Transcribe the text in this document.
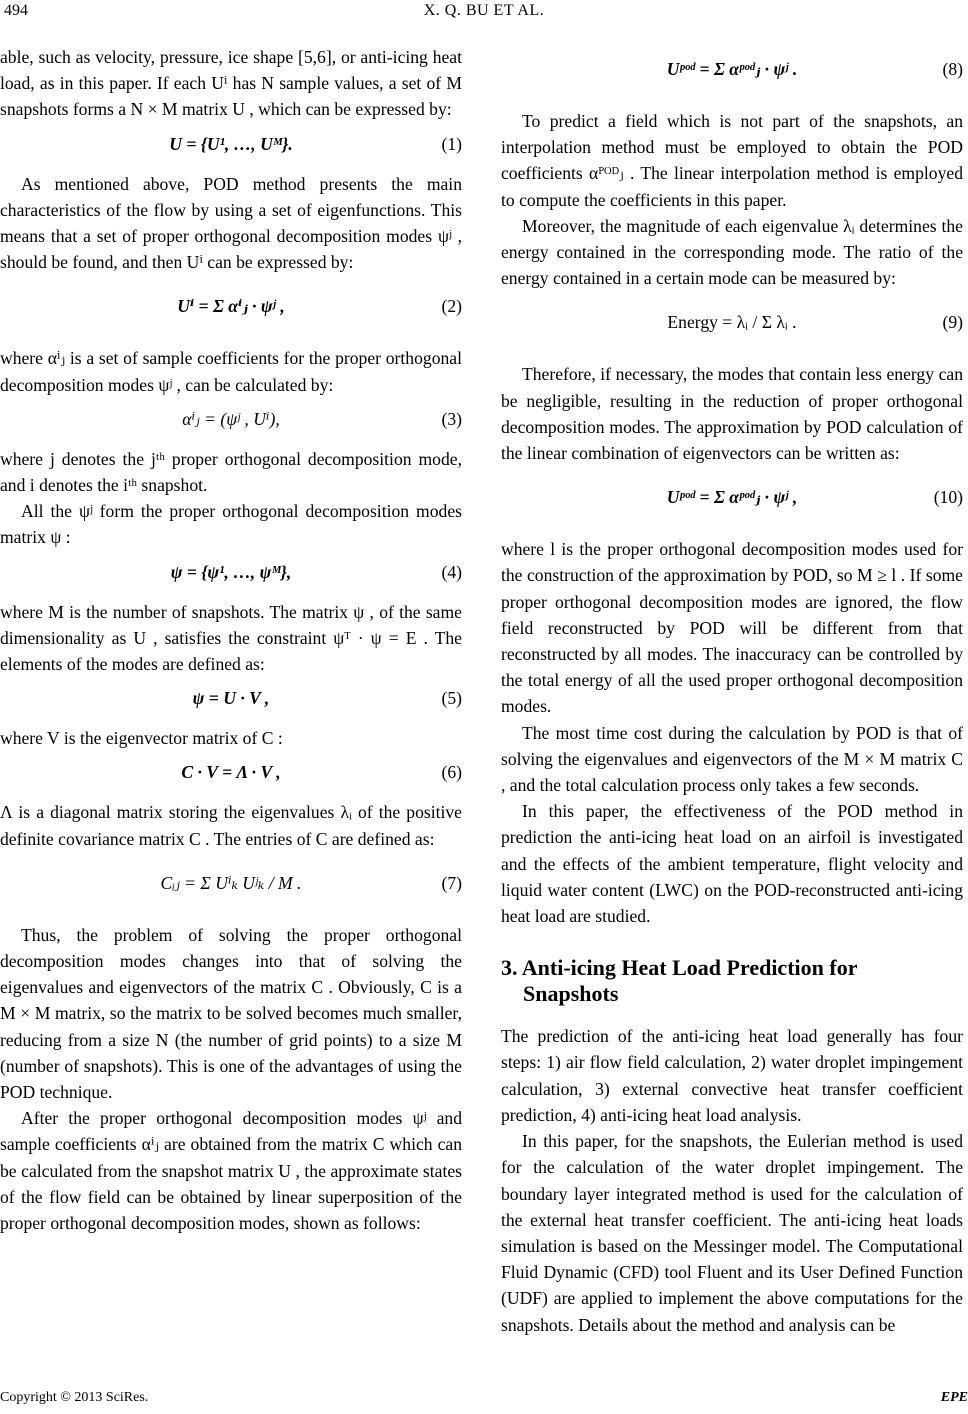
494	X. Q. BU ET AL.

able, such as velocity, pressure, ice shape [5,6], or anti-icing heat load, as in this paper. If each Uⁱ has N sample values, a set of M snapshots forms a N × M matrix U , which can be expressed by:

U = {U¹, …, Uᴹ}.	(1)

As mentioned above, POD method presents the main characteristics of the flow by using a set of eigenfunctions. This means that a set of proper orthogonal decomposition modes ψʲ , should be found, and then Uⁱ can be expressed by:

Uⁱ = Σ αⁱⱼ · ψʲ ,	(2)

where αⁱⱼ is a set of sample coefficients for the proper orthogonal decomposition modes ψʲ , can be calculated by:

αⁱⱼ = (ψʲ , Uⁱ),	(3)

where j denotes the jᵗʰ proper orthogonal decomposition mode, and i denotes the iᵗʰ snapshot.

All the ψʲ form the proper orthogonal decomposition modes matrix ψ :

ψ = {ψ¹, …, ψᴹ},	(4)

where M is the number of snapshots. The matrix ψ , of the same dimensionality as U , satisfies the constraint ψᵀ · ψ = E . The elements of the modes are defined as:

ψ = U · V ,	(5)

where V is the eigenvector matrix of C :

C · V = Λ · V ,	(6)

Λ is a diagonal matrix storing the eigenvalues λᵢ of the positive definite covariance matrix C . The entries of C are defined as:

Cᵢⱼ = Σ Uⁱₖ Uʲₖ / M .	(7)

Thus, the problem of solving the proper orthogonal decomposition modes changes into that of solving the eigenvalues and eigenvectors of the matrix C . Obviously, C is a M × M matrix, so the matrix to be solved becomes much smaller, reducing from a size N (the number of grid points) to a size M (number of snapshots). This is one of the advantages of using the POD technique.

After the proper orthogonal decomposition modes ψʲ and sample coefficients αⁱⱼ are obtained from the matrix C which can be calculated from the snapshot matrix U , the approximate states of the flow field can be obtained by linear superposition of the proper orthogonal decomposition modes, shown as follows:

Uᵖᵒᵈ = Σ αᵖᵒᵈⱼ · ψʲ .	(8)

To predict a field which is not part of the snapshots, an interpolation method must be employed to obtain the POD coefficients αᴾᴼᴰⱼ . The linear interpolation method is employed to compute the coefficients in this paper.

Moreover, the magnitude of each eigenvalue λᵢ determines the energy contained in the corresponding mode. The ratio of the energy contained in a certain mode can be measured by:

Energy = λᵢ / Σ λᵢ .	(9)

Therefore, if necessary, the modes that contain less energy can be negligible, resulting in the reduction of proper orthogonal decomposition modes. The approximation by POD calculation of the linear combination of eigenvectors can be written as:

Uᵖᵒᵈ = Σ αᵖᵒᵈⱼ · ψʲ ,	(10)

where l is the proper orthogonal decomposition modes used for the construction of the approximation by POD, so M ≥ l . If some proper orthogonal decomposition modes are ignored, the flow field reconstructed by POD will be different from that reconstructed by all modes. The inaccuracy can be controlled by the total energy of all the used proper orthogonal decomposition modes.

The most time cost during the calculation by POD is that of solving the eigenvalues and eigenvectors of the M × M matrix C , and the total calculation process only takes a few seconds.

In this paper, the effectiveness of the POD method in prediction the anti-icing heat load on an airfoil is investigated and the effects of the ambient temperature, flight velocity and liquid water content (LWC) on the POD-reconstructed anti-icing heat load are studied.

3. Anti-icing Heat Load Prediction for
Snapshots

The prediction of the anti-icing heat load generally has four steps: 1) air flow field calculation, 2) water droplet impingement calculation, 3) external convective heat transfer coefficient prediction, 4) anti-icing heat load analysis.

In this paper, for the snapshots, the Eulerian method is used for the calculation of the water droplet impingement. The boundary layer integrated method is used for the calculation of the external heat transfer coefficient. The anti-icing heat loads simulation is based on the Messinger model. The Computational Fluid Dynamic (CFD) tool Fluent and its User Defined Function (UDF) are applied to implement the above computations for the snapshots. Details about the method and analysis can be

Copyright © 2013 SciRes.	EPE
